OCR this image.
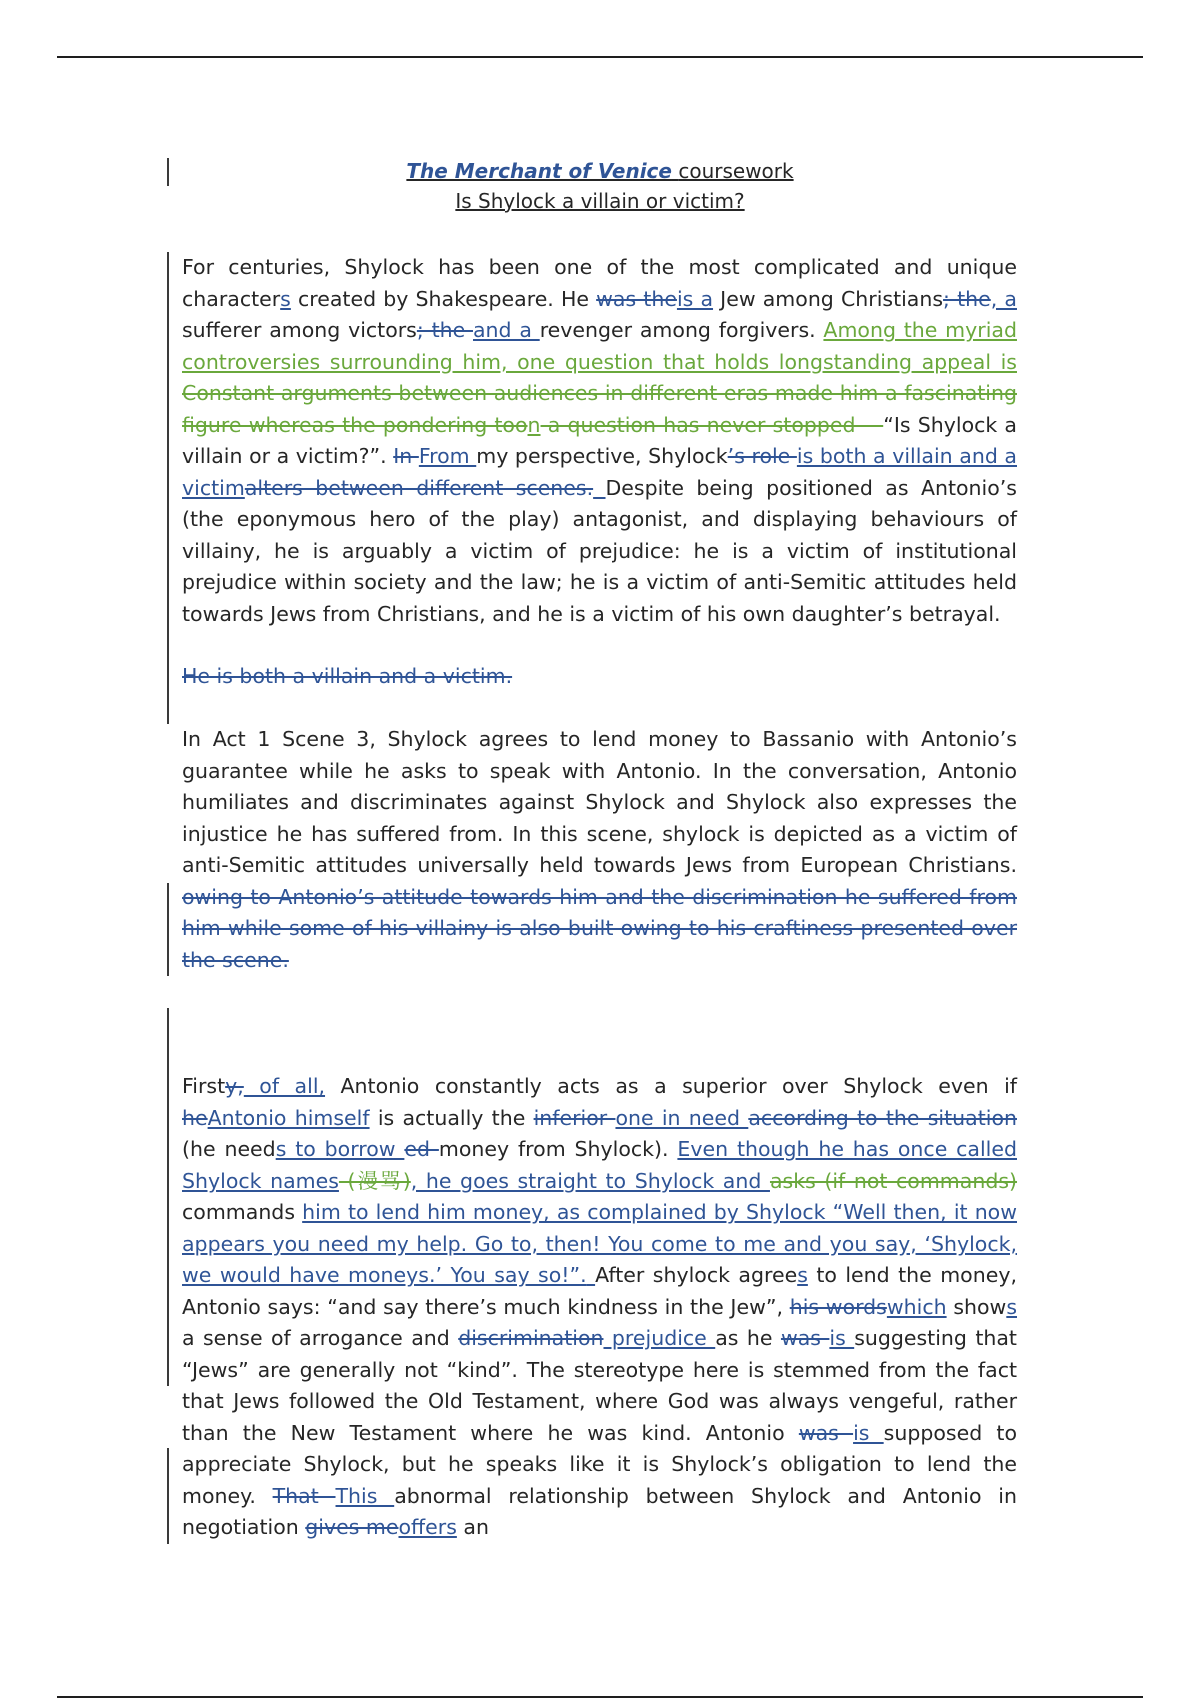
The Merchant of Venice coursework
Is Shylock a villain or victim?
For centuries, Shylock has been one of the most complicated and unique characters created by Shakespeare. He was theis a Jew among Christians; the, a sufferer among victors; the and a revenger among forgivers. Among the myriad controversies surrounding him, one question that holds longstanding appeal is Constant arguments between audiences in different eras made him a fascinating figure whereas the pondering toon a question has never stopped —“Is Shylock a villain or a victim?”. In From my perspective, Shylock’s role is both a villain and a victimalters between different scenes. Despite being positioned as Antonio’s (the eponymous hero of the play) antagonist, and displaying behaviours of villainy, he is arguably a victim of prejudice: he is a victim of institutional prejudice within society and the law; he is a victim of anti-Semitic attitudes held towards Jews from Christians, and he is a victim of his own daughter’s betrayal.
He is both a villain and a victim.
In Act 1 Scene 3, Shylock agrees to lend money to Bassanio with Antonio’s guarantee while he asks to speak with Antonio. In the conversation, Antonio humiliates and discriminates against Shylock and Shylock also expresses the injustice he has suffered from. In this scene, shylock is depicted as a victim of anti-Semitic attitudes universally held towards Jews from European Christians. owing to Antonio’s attitude towards him and the discrimination he suffered from him while some of his villainy is also built owing to his craftiness presented over the scene.
Firsty, of all, Antonio constantly acts as a superior over Shylock even if heAntonio himself is actually the inferior one in need according to the situation (he needs to borrow ed money from Shylock). Even though he has once called Shylock names (漫骂), he goes straight to Shylock and asks (if not commands) commands him to lend him money, as complained by Shylock “Well then, it now appears you need my help. Go to, then! You come to me and you say, ‘Shylock, we would have moneys.’ You say so!”. After shylock agrees to lend the money, Antonio says: “and say there’s much kindness in the Jew”, his wordswhich shows a sense of arrogance and discrimination prejudice as he was is suggesting that “Jews” are generally not “kind”. The stereotype here is stemmed from the fact that Jews followed the Old Testament, where God was always vengeful, rather than the New Testament where he was kind. Antonio was is supposed to appreciate Shylock, but he speaks like it is Shylock’s obligation to lend the money. That This abnormal relationship between Shylock and Antonio in negotiation gives meoffers an
